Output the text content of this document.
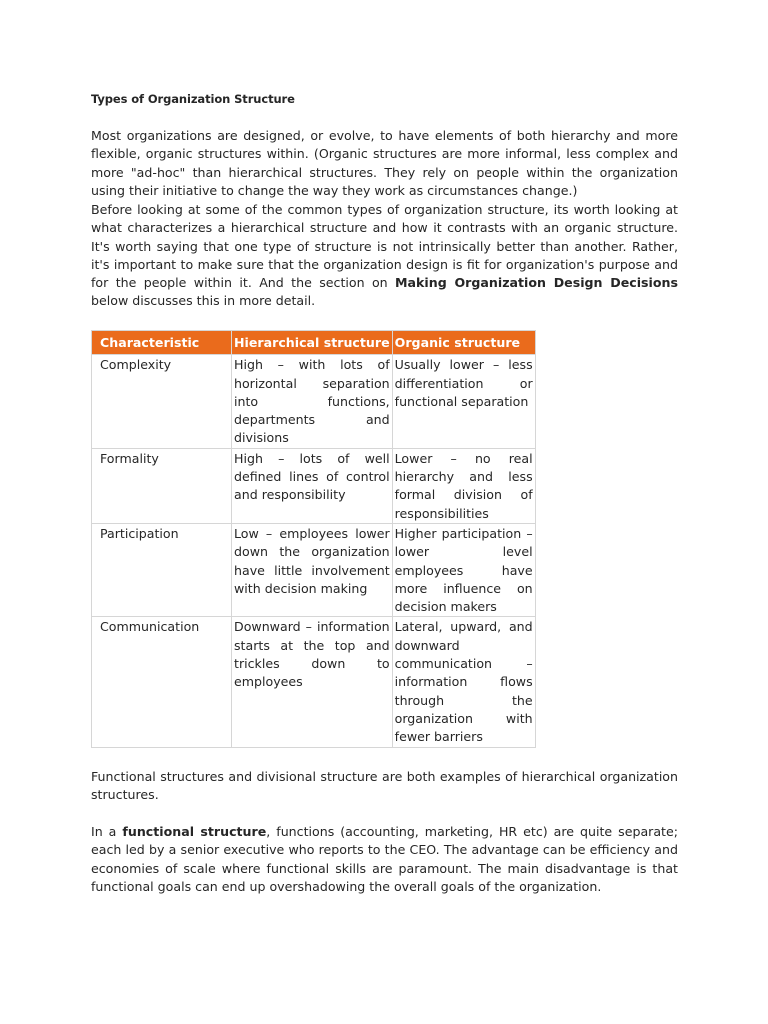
Types of Organization Structure
Most organizations are designed, or evolve, to have elements of both hierarchy and more flexible, organic structures within. (Organic structures are more informal, less complex and more "ad-hoc" than hierarchical structures. They rely on people within the organization using their initiative to change the way they work as circumstances change.)
Before looking at some of the common types of organization structure, its worth looking at what characterizes a hierarchical structure and how it contrasts with an organic structure. It's worth saying that one type of structure is not intrinsically better than another. Rather, it's important to make sure that the organization design is fit for organization's purpose and for the people within it. And the section on Making Organization Design Decisions below discusses this in more detail.
Characteristic	Hierarchical structure	Organic structure
Complexity	High – with lots of horizontal separation into functions, departments and divisions	Usually lower – less differentiation or functional separation
Formality	High – lots of well defined lines of control and responsibility	Lower – no real hierarchy and less formal division of responsibilities
Participation	Low – employees lower down the organization have little involvement with decision making	Higher participation – lower level employees have more influence on decision makers
Communication	Downward – information starts at the top and trickles down to employees	Lateral, upward, and downward communication – information flows through the organization with fewer barriers
Functional structures and divisional structure are both examples of hierarchical organization structures.
In a functional structure, functions (accounting, marketing, HR etc) are quite separate; each led by a senior executive who reports to the CEO. The advantage can be efficiency and economies of scale where functional skills are paramount. The main disadvantage is that functional goals can end up overshadowing the overall goals of the organization.
